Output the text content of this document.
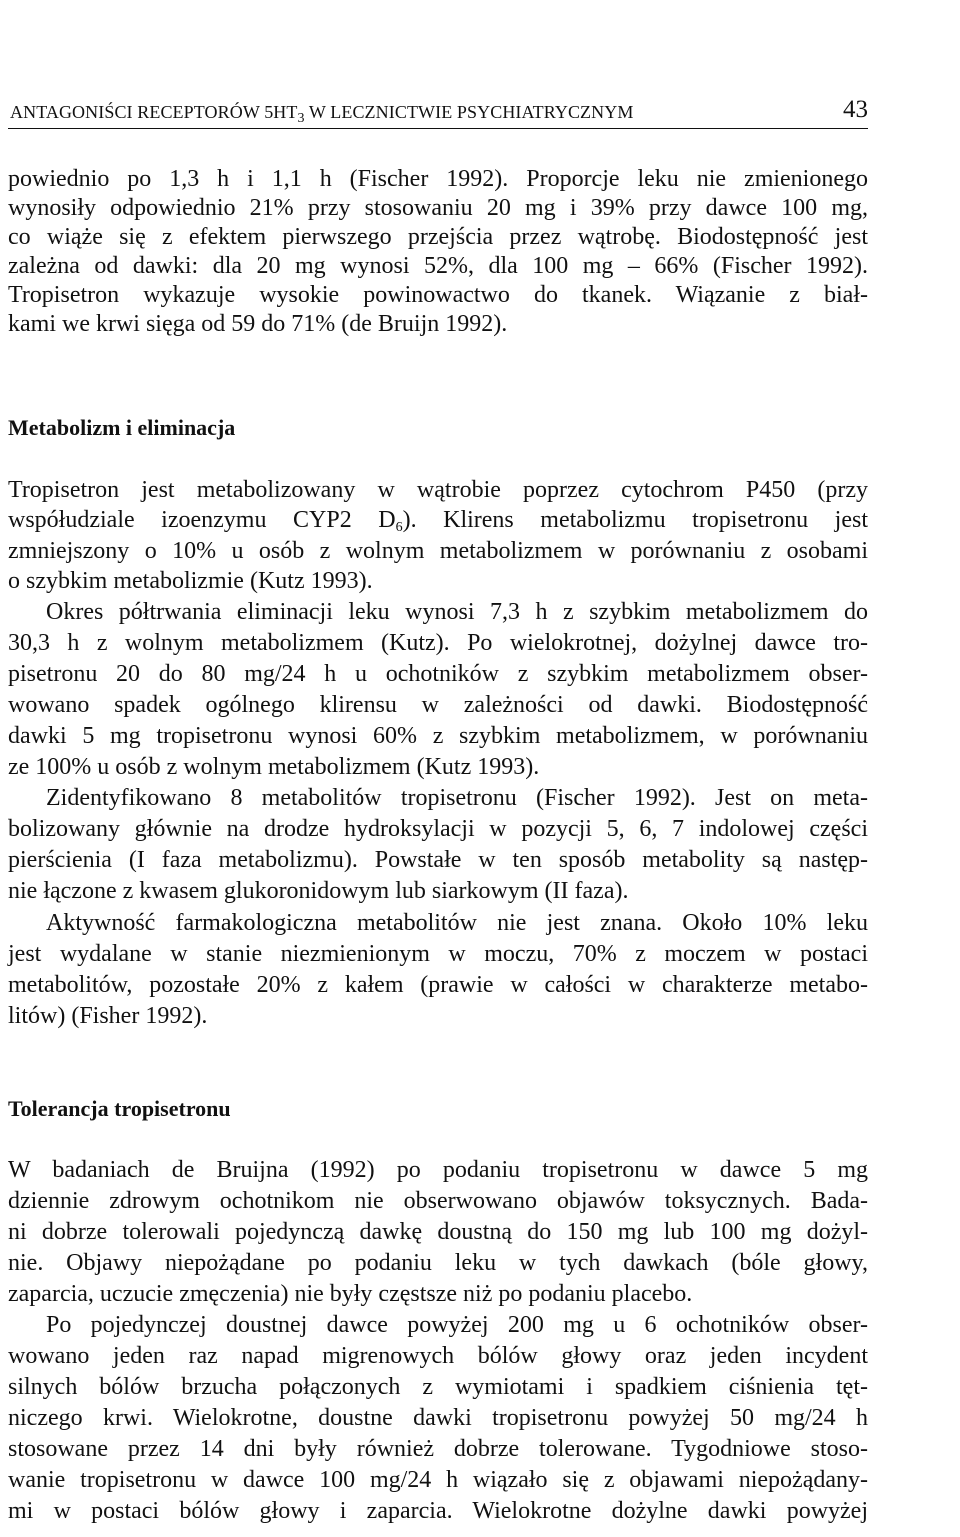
ANTAGONIŚCI RECEPTORÓW $5HT_3$ W LECZNICTWIE PSYCHIATRYCZNYM	43
powiednio po 1,3 h i 1,1 h (Fischer 1992). Proporcje leku nie zmienionego
wynosiły odpowiednio 21% przy stosowaniu 20 mg i 39% przy dawce 100 mg,
co wiąże się z efektem pierwszego przejścia przez wątrobę. Biodostępność jest
zależna od dawki: dla 20 mg wynosi 52%, dla 100 mg – 66% (Fischer 1992).
Tropisetron wykazuje wysokie powinowactwo do tkanek. Wiązanie z biał-
kami we krwi sięga od 59 do 71% (de Bruijn 1992).
Metabolizm i eliminacja
Tropisetron jest metabolizowany w wątrobie poprzez cytochrom P450 (przy
współudziale izoenzymu CYP2 $D_6$). Klirens metabolizmu tropisetronu jest
zmniejszony o 10% u osób z wolnym metabolizmem w porównaniu z osobami
o szybkim metabolizmie (Kutz 1993).
Okres półtrwania eliminacji leku wynosi 7,3 h z szybkim metabolizmem do
30,3 h z wolnym metabolizmem (Kutz). Po wielokrotnej, dożylnej dawce tro-
pisetronu 20 do 80 mg/24 h u ochotników z szybkim metabolizmem obser-
wowano spadek ogólnego klirensu w zależności od dawki. Biodostępność
dawki 5 mg tropisetronu wynosi 60% z szybkim metabolizmem, w porównaniu
ze 100% u osób z wolnym metabolizmem (Kutz 1993).
Zidentyfikowano 8 metabolitów tropisetronu (Fischer 1992). Jest on meta-
bolizowany głównie na drodze hydroksylacji w pozycji 5, 6, 7 indolowej części
pierścienia (I faza metabolizmu). Powstałe w ten sposób metabolity są następ-
nie łączone z kwasem glukoronidowym lub siarkowym (II faza).
Aktywność farmakologiczna metabolitów nie jest znana. Około 10% leku
jest wydalane w stanie niezmienionym w moczu, 70% z moczem w postaci
metabolitów, pozostałe 20% z kałem (prawie w całości w charakterze metabo-
litów) (Fisher 1992).
Tolerancja tropisetronu
W badaniach de Bruijna (1992) po podaniu tropisetronu w dawce 5 mg
dziennie zdrowym ochotnikom nie obserwowano objawów toksycznych. Bada-
ni dobrze tolerowali pojedynczą dawkę doustną do 150 mg lub 100 mg dożyl-
nie. Objawy niepożądane po podaniu leku w tych dawkach (bóle głowy,
zaparcia, uczucie zmęczenia) nie były częstsze niż po podaniu placebo.
Po pojedynczej doustnej dawce powyżej 200 mg u 6 ochotników obser-
wowano jeden raz napad migrenowych bólów głowy oraz jeden incydent
silnych bólów brzucha połączonych z wymiotami i spadkiem ciśnienia tęt-
niczego krwi. Wielokrotne, doustne dawki tropisetronu powyżej 50 mg/24 h
stosowane przez 14 dni były również dobrze tolerowane. Tygodniowe stoso-
wanie tropisetronu w dawce 100 mg/24 h wiązało się z objawami niepożądany-
mi w postaci bólów głowy i zaparcia. Wielokrotne dożylne dawki powyżej
